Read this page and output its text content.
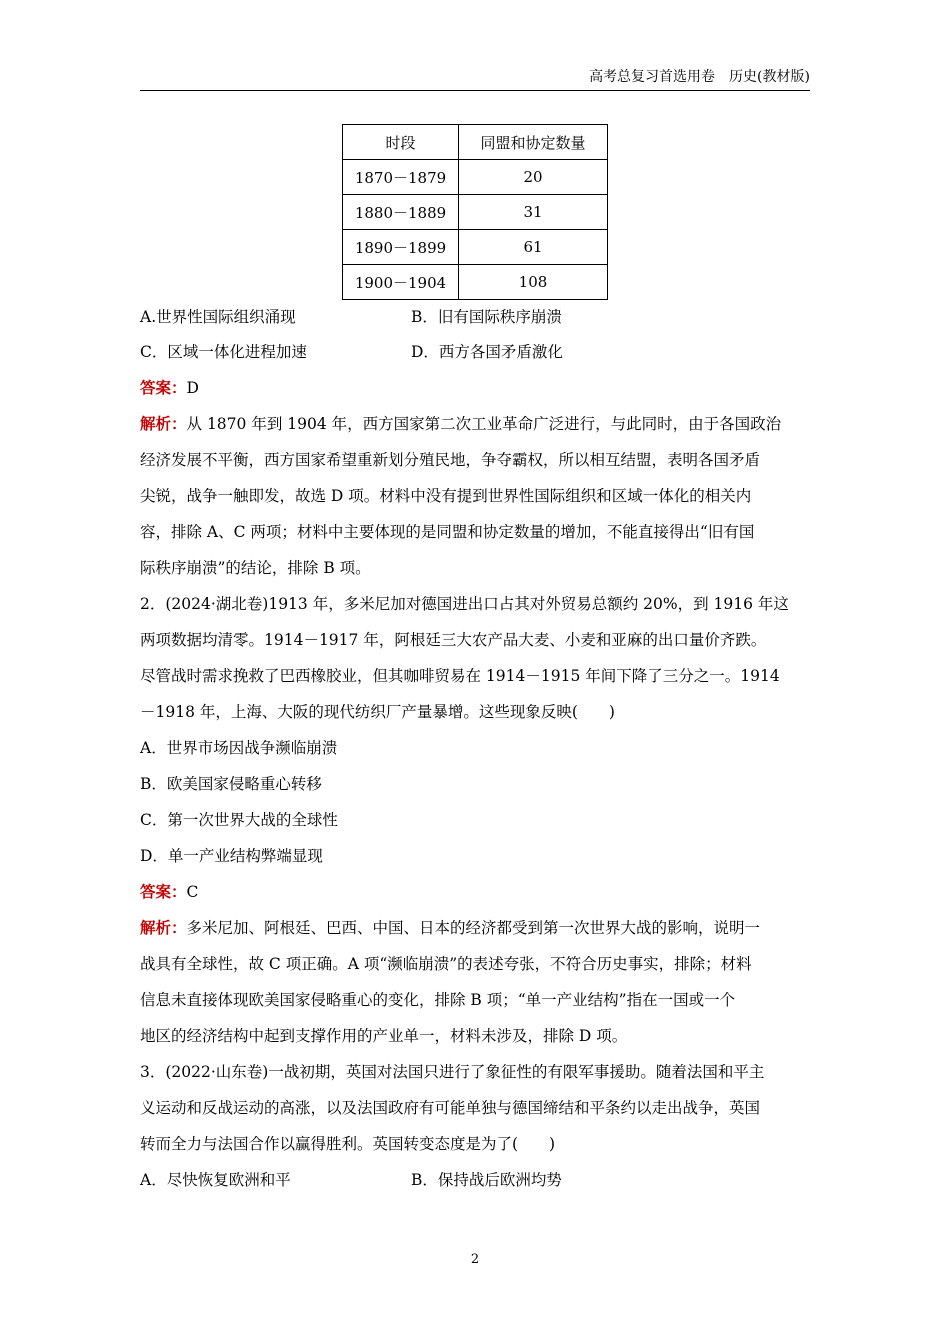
高考总复习首选用卷　历史(教材版)
时段	同盟和协定数量
1870－1879	20
1880－1889	31
1890－1899	61
1900－1904	108
A.世界性国际组织涌现	B．旧有国际秩序崩溃
C．区域一体化进程加速	D．西方各国矛盾激化
答案：D
解析：从 1870 年到 1904 年，西方国家第二次工业革命广泛进行，与此同时，由于各国政治
经济发展不平衡，西方国家希望重新划分殖民地，争夺霸权，所以相互结盟，表明各国矛盾
尖锐，战争一触即发，故选 D 项。材料中没有提到世界性国际组织和区域一体化的相关内
容，排除 A、C 两项；材料中主要体现的是同盟和协定数量的增加，不能直接得出“旧有国
际秩序崩溃”的结论，排除 B 项。
2．(2024·湖北卷)1913 年，多米尼加对德国进出口占其对外贸易总额约 20%，到 1916 年这
两项数据均清零。1914－1917 年，阿根廷三大农产品大麦、小麦和亚麻的出口量价齐跌。
尽管战时需求挽救了巴西橡胶业，但其咖啡贸易在 1914－1915 年间下降了三分之一。1914
－1918 年，上海、大阪的现代纺织厂产量暴增。这些现象反映(　　)
A．世界市场因战争濒临崩溃
B．欧美国家侵略重心转移
C．第一次世界大战的全球性
D．单一产业结构弊端显现
答案：C
解析：多米尼加、阿根廷、巴西、中国、日本的经济都受到第一次世界大战的影响，说明一
战具有全球性，故 C 项正确。A 项“濒临崩溃”的表述夸张，不符合历史事实，排除；材料
信息未直接体现欧美国家侵略重心的变化，排除 B 项；“单一产业结构”指在一国或一个
地区的经济结构中起到支撑作用的产业单一，材料未涉及，排除 D 项。
3．(2022·山东卷)一战初期，英国对法国只进行了象征性的有限军事援助。随着法国和平主
义运动和反战运动的高涨，以及法国政府有可能单独与德国缔结和平条约以走出战争，英国
转而全力与法国合作以赢得胜利。英国转变态度是为了(　　)
A．尽快恢复欧洲和平	B．保持战后欧洲均势
2
